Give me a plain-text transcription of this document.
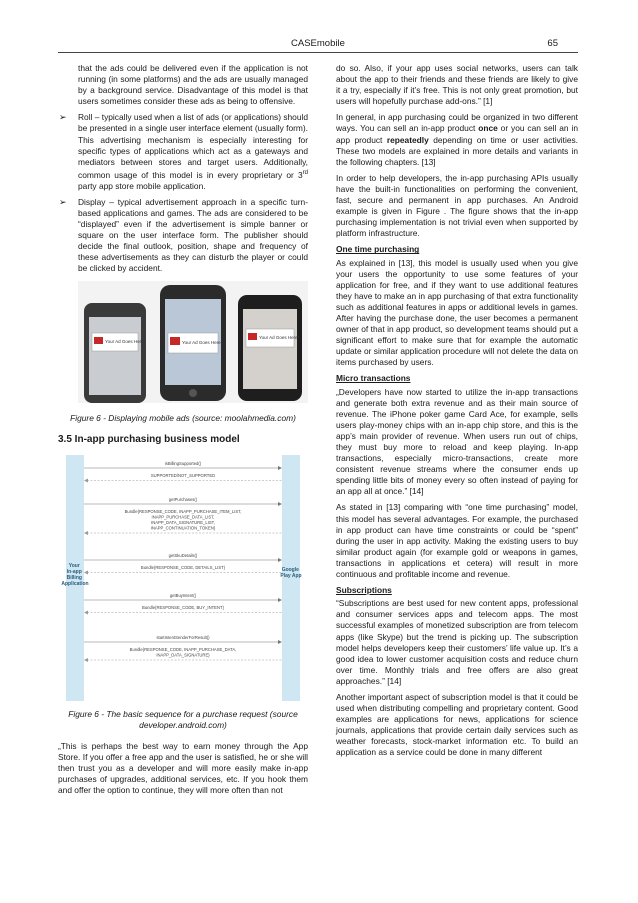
CASEmobile	65

that the ads could be delivered even if the application is not running (in some platforms) and the ads are usually managed by a background service. Disadvantage of this model is that users sometimes consider these ads as being to offensive.

➢ Roll – typically used when a list of ads (or applications) should be presented in a single user interface element (usually form). This advertising mechanism is especially interesting for specific types of applications which act as a gateways and mediators between stores and target users. Additionally, common usage of this model is in every proprietary or 3rd party app store mobile application.

➢ Display – typical advertisement approach in a specific turn-based applications and games. The ads are considered to be “displayed” even if the advertisement is simple banner or square on the user interface form. The publisher should decide the final outlook, position, shape and frequency of these advertisements as they can disturb the player or could be clicked by accident.

Your Ad Goes Here!	Your Ad Goes Here!
Your Ad Goes Here!

Figure 6 - Displaying mobile ads (source: moolahmedia.com)

3.5 In-app purchasing business model

Your In-app Billing Application
Google Play App
isBillingSupported()
SUPPORTED/NOT_SUPPORTED
getPurchases()
Bundle{RESPONSE_CODE, INAPP_PURCHASE_ITEM_LIST,
INAPP_PURCHASE_DATA_LIST,
INAPP_DATA_SIGNATURE_LIST,
INAPP_CONTINUATION_TOKEN}
getSkuDetails()
Bundle{RESPONSE_CODE, DETAILS_LIST}
getBuyIntent()
Bundle{RESPONSE_CODE, BUY_INTENT}
startIntentSenderForResult()
Bundle{RESPONSE_CODE, INAPP_PURCHASE_DATA,
INAPP_DATA_SIGNATURE}

Figure 6 - The basic sequence for a purchase request (source developer.android.com)

„This is perhaps the best way to earn money through the App Store. If you offer a free app and the user is satisfied, he or she will then trust you as a developer and will more easily make in-app purchases of upgrades, additional services, etc. If you hook them and offer the option to continue, they will more often than not

do so. Also, if your app uses social networks, users can talk about the app to their friends and these friends are likely to give it a try, especially if it’s free. This is not only great promotion, but users will hopefully purchase add-ons.” [1]

In general, in app purchasing could be organized in two different ways. You can sell an in-app product once or you can sell an in app product repeatedly depending on time or user activities. These two models are explained in more details and variants in the following chapters. [13]

In order to help developers, the in-app purchasing APIs usually have the built-in functionalities on performing the convenient, fast, secure and permanent in app purchases. An Android example is given in Figure . The figure shows that the in-app purchasing implementation is not trivial even when supported by platform infrastructure.

One time purchasing

As explained in [13], this model is usually used when you give your users the opportunity to use some features of your application for free, and if they want to use additional features they have to make an in app purchasing of that extra functionality such as additional features in apps or additional levels in games. After having the purchase done, the user becomes a permanent owner of that in app product, so development teams should put a significant effort to make sure that for example the automatic update or similar application procedure will not delete the data on items purchased by users.

Micro transactions

„Developers have now started to utilize the in-app transactions and generate both extra revenue and as their main source of revenue. The iPhone poker game Card Ace, for example, sells users play-money chips with an in-app chip store, and this is the app’s main provider of revenue. When users run out of chips, they must buy more to reload and keep playing. In-app transactions, especially micro-transactions, create more consistent revenue streams where the consumer ends up spending little bits of money every so often instead of paying for an app all at once.” [14]

As stated in [13] comparing with “one time purchasing” model, this model has several advantages. For example, the purchased in app product can have time constraints or could be “spent” during the user in app activity. Making the existing users to buy similar product again (for example gold or weapons in games, transactions in applications et cetera) will result in more continuous and profitable income and revenue.

Subscriptions

“Subscriptions are best used for new content apps, professional and consumer services apps and telecom apps. The most successful examples of monetized subscription are from telecom apps (like Skype) but the trend is picking up. The subscription model helps developers keep their customers’ life value up. It’s a good idea to lower customer acquisition costs and reduce churn over time. Monthly trials and free offers are also great approaches.” [14]

Another important aspect of subscription model is that it could be used when distributing compelling and proprietary content. Good examples are applications for news, applications for science journals, applications that provide certain daily services such as weather forecasts, stock-market information etc. To build an application as a service could be done in many different
